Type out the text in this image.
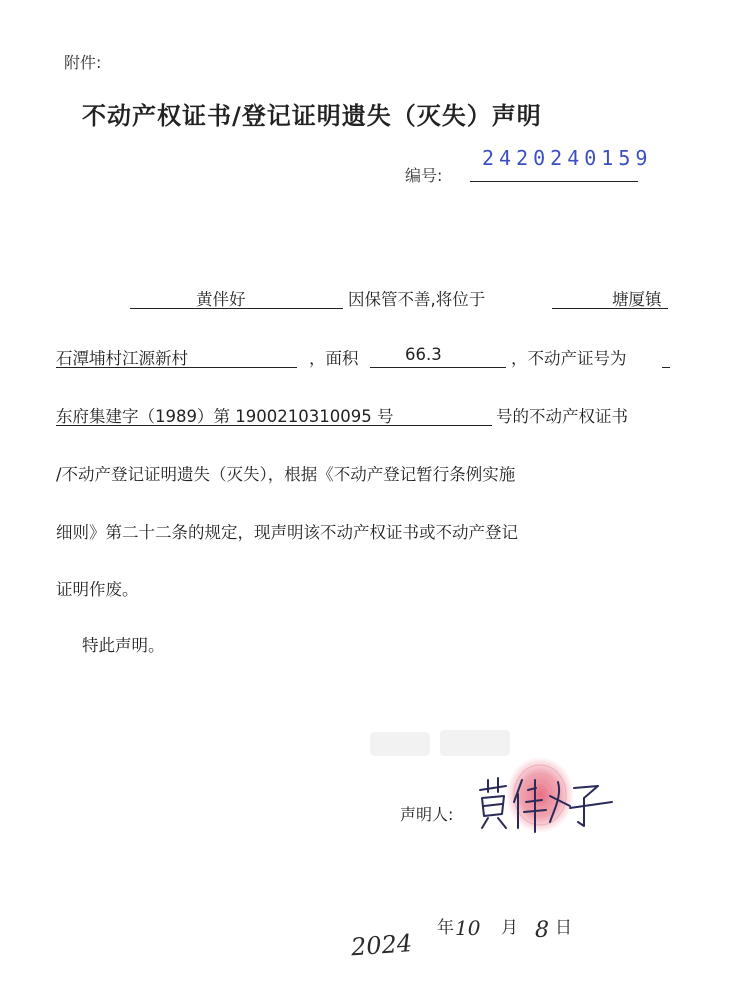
附件:
不动产权证书/登记证明遗失（灭失）声明
编号:
2420240159
黄伴好	因保管不善,将位于	塘厦镇
石潭埔村江源新村	，面积	66.3	，不动产证号为
东府集建字（1989）第 1900210310095 号	号的不动产权证书
/不动产登记证明遗失（灭失），根据《不动产登记暂行条例实施
细则》第二十二条的规定，现声明该不动产权证书或不动产登记
证明作废。
特此声明。
声明人:
2024
年 10 月 8 日
